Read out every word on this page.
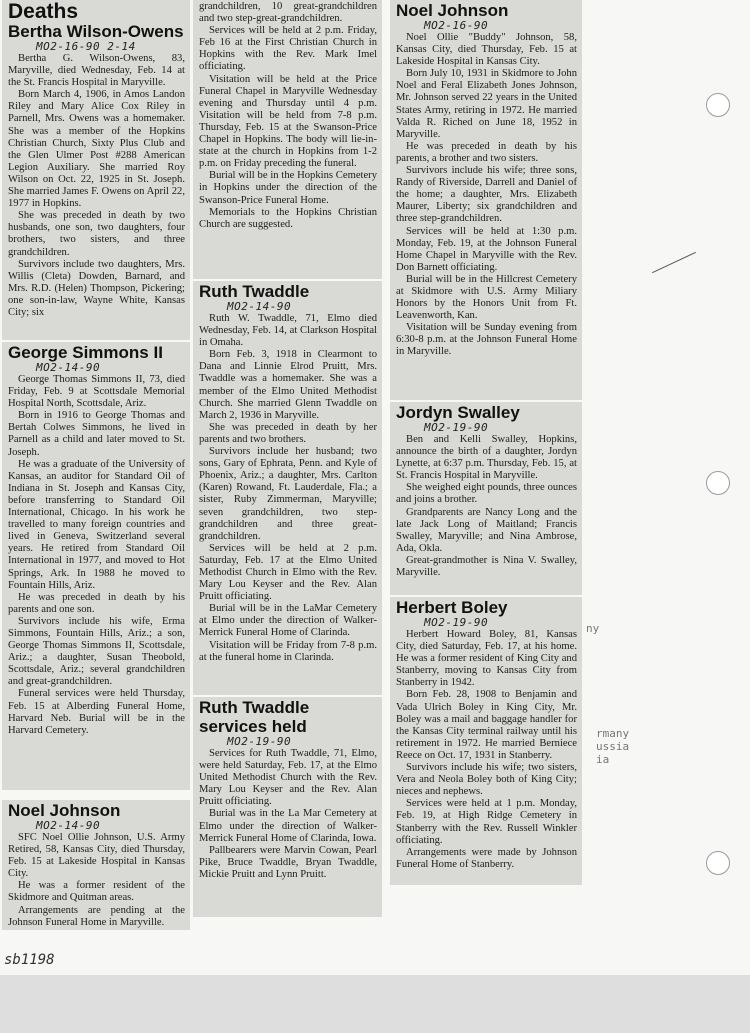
ny
rmany
ussia
ia
Deaths
Bertha Wilson-Owens
MO2-16-90 2-14

Bertha G. Wilson-Owens, 83, Maryville, died Wednesday, Feb. 14 at the St. Francis Hospital in Maryville.

Born March 4, 1906, in Amos Landon Riley and Mary Alice Cox Riley in Parnell, Mrs. Owens was a homemaker. She was a member of the Hopkins Christian Church, Sixty Plus Club and the Glen Ulmer Post #288 American Legion Auxiliary. She married Roy Wilson on Oct. 22, 1925 in St. Joseph. She married James F. Owens on April 22, 1977 in Hopkins.

She was preceded in death by two husbands, one son, two daughters, four brothers, two sisters, and three grandchildren.

Survivors include two daughters, Mrs. Willis (Cleta) Dowden, Barnard, and Mrs. R.D. (Helen) Thompson, Pickering; one son-in-law, Wayne White, Kansas City; six

George Simmons II
MO2-14-90

George Thomas Simmons II, 73, died Friday, Feb. 9 at Scottsdale Memorial Hospital North, Scottsdale, Ariz.

Born in 1916 to George Thomas and Bertah Colwes Simmons, he lived in Parnell as a child and later moved to St. Joseph.

He was a graduate of the University of Kansas, an auditor for Standard Oil of Indiana in St. Joseph and Kansas City, before transferring to Standard Oil International, Chicago. In his work he travelled to many foreign countries and lived in Geneva, Switzerland several years. He retired from Standard Oil International in 1977, and moved to Hot Springs, Ark. In 1988 he moved to Fountain Hills, Ariz.

He was preceded in death by his parents and one son.

Survivors include his wife, Erma Simmons, Fountain Hills, Ariz.; a son, George Thomas Simmons II, Scottsdale, Ariz.; a daughter, Susan Theobold, Scottsdale, Ariz.; several grandchildren and great-grandchildren.

Funeral services were held Thursday, Feb. 15 at Alberding Funeral Home, Harvard Neb. Burial will be in the Harvard Cemetery.

Noel Johnson
MO2-14-90

SFC Noel Ollie Johnson, U.S. Army Retired, 58, Kansas City, died Thursday, Feb. 15 at Lakeside Hospital in Kansas City.

He was a former resident of the Skidmore and Quitman areas.

Arrangements are pending at the Johnson Funeral Home in Maryville.

grandchildren, 10 great-grandchildren and two step-great-grandchildren.

Services will be held at 2 p.m. Friday, Feb 16 at the First Christian Church in Hopkins with the Rev. Mark Imel officiating.

Visitation will be held at the Price Funeral Chapel in Maryville Wednesday evening and Thursday until 4 p.m. Visitation will be held from 7-8 p.m. Thursday, Feb. 15 at the Swanson-Price Chapel in Hopkins. The body will lie-in-state at the church in Hopkins from 1-2 p.m. on Friday preceding the funeral.

Burial will be in the Hopkins Cemetery in Hopkins under the direction of the Swanson-Price Funeral Home.

Memorials to the Hopkins Christian Church are suggested.

Ruth Twaddle
MO2-14-90

Ruth W. Twaddle, 71, Elmo died Wednesday, Feb. 14, at Clarkson Hospital in Omaha.

Born Feb. 3, 1918 in Clearmont to Dana and Linnie Elrod Pruitt, Mrs. Twaddle was a homemaker. She was a member of the Elmo United Methodist Church. She married Glenn Twaddle on March 2, 1936 in Maryville.

She was preceded in death by her parents and two brothers.

Survivors include her husband; two sons, Gary of Ephrata, Penn. and Kyle of Phoenix, Ariz.; a daughter, Mrs. Carlton (Karen) Rowand, Ft. Lauderdale, Fla.; a sister, Ruby Zimmerman, Maryville; seven grandchildren, two step-grandchildren and three great-grandchildren.

Services will be held at 2 p.m. Saturday, Feb. 17 at the Elmo United Methodist Church in Elmo with the Rev. Mary Lou Keyser and the Rev. Alan Pruitt officiating.

Burial will be in the LaMar Cemetery at Elmo under the direction of Walker-Merrick Funeral Home of Clarinda.

Visitation will be Friday from 7-8 p.m. at the funeral home in Clarinda.

Ruth Twaddle services held
MO2-19-90

Services for Ruth Twaddle, 71, Elmo, were held Saturday, Feb. 17, at the Elmo United Methodist Church with the Rev. Mary Lou Keyser and the Rev. Alan Pruitt officiating.

Burial was in the La Mar Cemetery at Elmo under the direction of Walker-Merrick Funeral Home of Clarinda, Iowa.

Pallbearers were Marvin Cowan, Pearl Pike, Bruce Twaddle, Bryan Twaddle, Mickie Pruitt and Lynn Pruitt.

Noel Johnson
MO2-16-90

Noel Ollie "Buddy" Johnson, 58, Kansas City, died Thursday, Feb. 15 at Lakeside Hospital in Kansas City.

Born July 10, 1931 in Skidmore to John Noel and Feral Elizabeth Jones Johnson, Mr. Johnson served 22 years in the United States Army, retiring in 1972. He married Valda R. Riched on June 18, 1952 in Maryville.

He was preceded in death by his parents, a brother and two sisters.

Survivors include his wife; three sons, Randy of Riverside, Darrell and Daniel of the home; a daughter, Mrs. Elizabeth Maurer, Liberty; six grandchildren and three step-grandchildren.

Services will be held at 1:30 p.m. Monday, Feb. 19, at the Johnson Funeral Home Chapel in Maryville with the Rev. Don Barnett officiating.

Burial will be in the Hillcrest Cemetery at Skidmore with U.S. Army Miliary Honors by the Honors Unit from Ft. Leavenworth, Kan.

Visitation will be Sunday evening from 6:30-8 p.m. at the Johnson Funeral Home in Maryville.

Jordyn Swalley
MO2-19-90

Ben and Kelli Swalley, Hopkins, announce the birth of a daughter, Jordyn Lynette, at 6:37 p.m. Thursday, Feb. 15, at St. Francis Hospital in Maryville.

She weighed eight pounds, three ounces and joins a brother.

Grandparents are Nancy Long and the late Jack Long of Maitland; Francis Swalley, Maryville; and Nina Ambrose, Ada, Okla.

Great-grandmother is Nina V. Swalley, Maryville.

Herbert Boley
MO2-19-90

Herbert Howard Boley, 81, Kansas City, died Saturday, Feb. 17, at his home. He was a former resident of King City and Stanberry, moving to Kansas City from Stanberry in 1942.

Born Feb. 28, 1908 to Benjamin and Vada Ulrich Boley in King City, Mr. Boley was a mail and baggage handler for the Kansas City terminal railway until his retirement in 1972. He married Berniece Reece on Oct. 17, 1931 in Stanberry.

Survivors include his wife; two sisters, Vera and Neola Boley both of King City; nieces and nephews.

Services were held at 1 p.m. Monday, Feb. 19, at High Ridge Cemetery in Stanberry with the Rev. Russell Winkler officiating.

Arrangements were made by Johnson Funeral Home of Stanberry.

sb1198
